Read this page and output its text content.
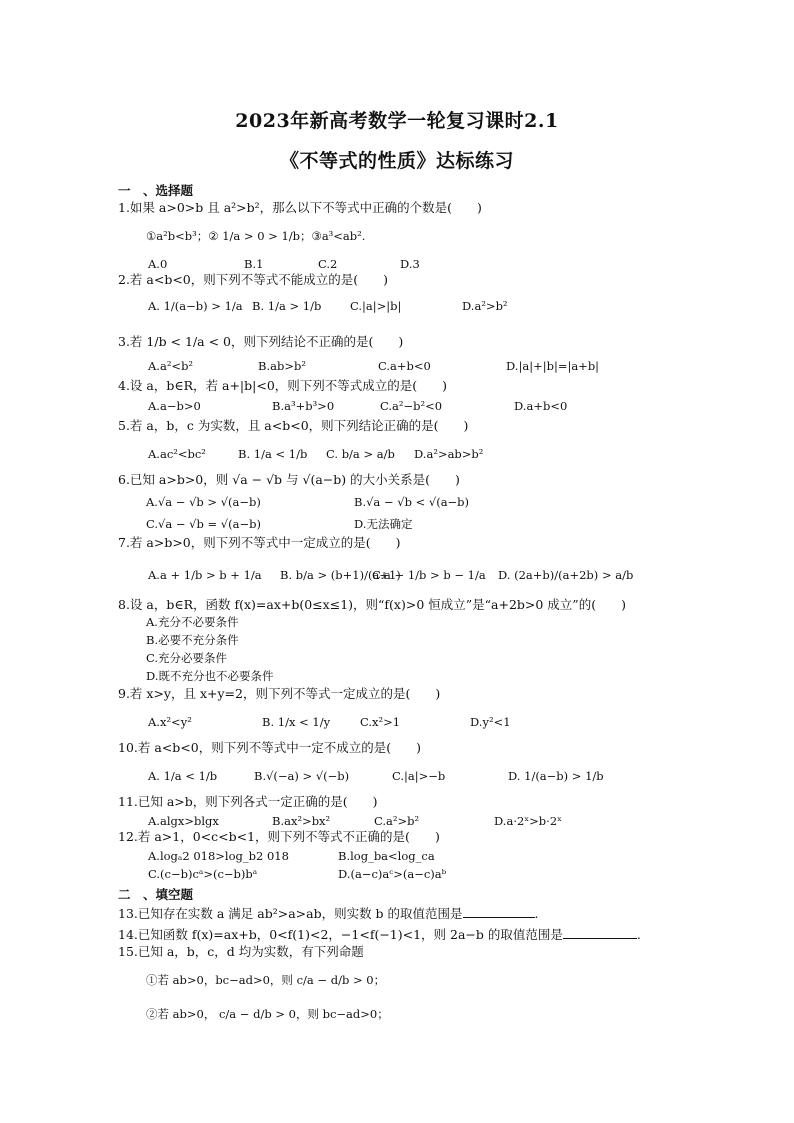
2023年新高考数学一轮复习课时2.1
《不等式的性质》达标练习
一　、选择题
1.如果 a>0>b 且 a²>b²，那么以下不等式中正确的个数是(　　)
①a²b<b³；② 1/a > 0 > 1/b；③a³<ab².
A.0	B.1	C.2	D.3
2.若 a<b<0，则下列不等式不能成立的是(　　)
A. 1/(a−b) > 1/a B. 1/a > 1/b C.|a|>|b|	D.a²>b²
3.若 1/b < 1/a < 0，则下列结论不正确的是(　　)
A.a²<b²	B.ab>b²	C.a+b<0	D.|a|+|b|=|a+b|
4.设 a，b∈R，若 a+|b|<0，则下列不等式成立的是(　　)
A.a−b>0	B.a³+b³>0	C.a²−b²<0	D.a+b<0
5.若 a，b，c 为实数，且 a<b<0，则下列结论正确的是(　　)
A.ac²<bc²	B. 1/a < 1/b C. b/a > a/b D.a²>ab>b²
6.已知 a>b>0，则 √a − √b 与 √(a−b) 的大小关系是(　　)
A.√a − √b > √(a−b)	B.√a − √b < √(a−b)
C.√a − √b = √(a−b)	D.无法确定
7.若 a>b>0，则下列不等式中一定成立的是(　　)
A.a + 1/b > b + 1/a B. b/a > (b+1)/(a+1)
C.a − 1/b > b − 1/a D. (2a+b)/(a+2b) > a/b
8.设 a，b∈R，函数 f(x)=ax+b(0≤x≤1)，则“f(x)>0 恒成立”是“a+2b>0 成立”的(　　)
A.充分不必要条件
B.必要不充分条件
C.充分必要条件
D.既不充分也不必要条件
9.若 x>y，且 x+y=2，则下列不等式一定成立的是(　　)
A.x²<y²	B. 1/x < 1/y	C.x²>1	D.y²<1
10.若 a<b<0，则下列不等式中一定不成立的是(　　)
A. 1/a < 1/b	B.√(−a) > √(−b)	C.|a|>−b	D. 1/(a−b) > 1/b
11.已知 a>b，则下列各式一定正确的是(　　)
A.algx>blgx	B.ax²>bx²	C.a²>b²	D.a·2ˣ>b·2ˣ
12.若 a>1，0<c<b<1，则下列不等式不正确的是(　　)
A.logₐ2 018>log_b2 018	B.log_ba<log_ca
C.(c−b)cᵃ>(c−b)bᵃ	D.(a−c)aᶜ>(a−c)aᵇ
二　、填空题
13.已知存在实数 a 满足 ab²>a>ab，则实数 b 的取值范围是	.
14.已知函数 f(x)=ax+b，0<f(1)<2，−1<f(−1)<1，则 2a−b 的取值范围是	.
15.已知 a，b，c，d 均为实数，有下列命题
①若 ab>0，bc−ad>0，则 c/a − d/b > 0；
②若 ab>0， c/a − d/b > 0，则 bc−ad>0；
